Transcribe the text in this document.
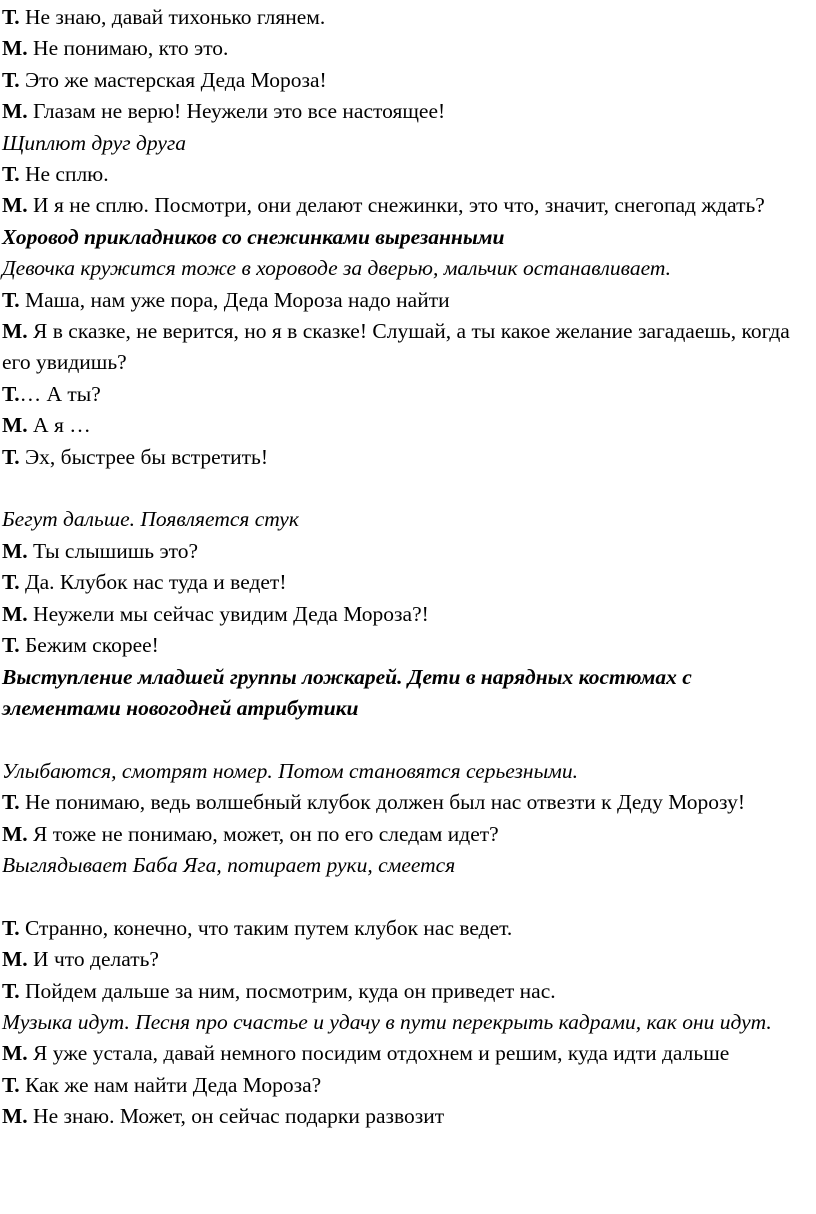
Т. Не знаю, давай тихонько глянем.
М. Не понимаю, кто это.
Т. Это же мастерская Деда Мороза!
М. Глазам не верю! Неужели это все настоящее!
Щиплют друг друга
Т. Не сплю.
М. И я не сплю. Посмотри, они делают снежинки, это что, значит, снегопад ждать?
Хоровод прикладников со снежинками вырезанными
Девочка кружится тоже в хороводе за дверью, мальчик останавливает.
Т. Маша, нам уже пора, Деда Мороза надо найти
М. Я в сказке, не верится, но я в сказке! Слушай, а ты какое желание загадаешь, когда его увидишь?
Т.… А ты?
М. А я …
Т. Эх, быстрее бы встретить!
Бегут дальше. Появляется стук
М. Ты слышишь это?
Т. Да. Клубок нас туда и ведет!
М. Неужели мы сейчас увидим Деда Мороза?!
Т. Бежим скорее!
Выступление младшей группы ложкарей. Дети в нарядных костюмах с элементами новогодней атрибутики
Улыбаются, смотрят номер. Потом становятся серьезными.
Т. Не понимаю, ведь волшебный клубок должен был нас отвезти к Деду Морозу!
М. Я тоже не понимаю, может, он по его следам идет?
Выглядывает Баба Яга, потирает руки, смеется
Т. Странно, конечно, что таким путем клубок нас ведет.
М. И что делать?
Т. Пойдем дальше за ним, посмотрим, куда он приведет нас.
Музыка идут. Песня про счастье и удачу в пути перекрыть кадрами, как они идут.
М. Я уже устала, давай немного посидим отдохнем и решим, куда идти дальше
Т. Как же нам найти Деда Мороза?
М. Не знаю. Может, он сейчас подарки развозит
